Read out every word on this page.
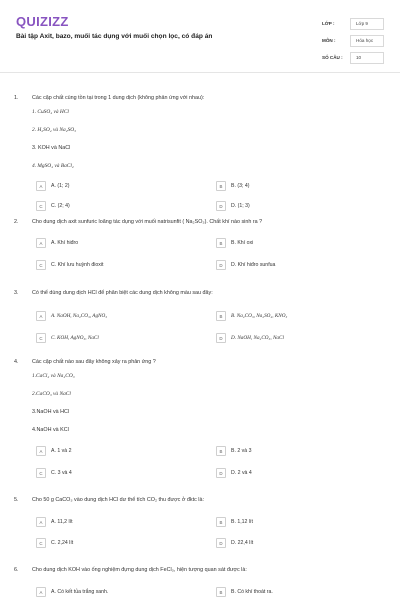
QUIZIZZ
Bài tập Axit, bazo, muối tác dụng với muối chọn lọc, có đáp án
LỚP :	Lớp 9
MÔN :	Hóa học
SỐ CÂU :	10
1.	Các cặp chất cùng tồn tại trong 1 dung dịch (không phản ứng với nhau):
1. CuSO₄ và HCl
2. H₂SO₄ và Na₂SO₃
3. KOH và NaCl
4. MgSO₄ và BaCl₂
A	A. (1; 2)	B	B. (3; 4)
C	C. (2; 4)	D	D. (1; 3)
2.	Cho dung dịch axit sunfuric loãng tác dụng với muối natrisunfit ( Na₂SO₃). Chất khí nào sinh ra ?
A	A. Khí hiđro	B	B. Khí oxi
C	C. Khí lưu huỳnh đioxit	D	D. Khí hiđro sunfua
3.	Có thể dùng dung dịch HCl để phân biệt các dung dịch không màu sau đây:
A	A. NaOH, Na₂CO₃, AgNO₃	B	B. Na₂CO₃, Na₂SO₄, KNO₃
C	C. KOH, AgNO₃, NaCl	D	D. NaOH, Na₂CO₃, NaCl
4.	Các cặp chất nào sau đây không xảy ra phản ứng ?
1.CaCl₂ và Na₂CO₃
2.CaCO₃ và NaCl
3.NaOH và HCl
4.NaOH và KCl
A	A. 1 và 2	B	B. 2 và 3
C	C. 3 và 4	D	D. 2 và 4
5.	Cho 50 g CaCO₃ vào dung dịch HCl dư thể tích CO₂ thu được ở đktc là:
A	A. 11,2 lít	B	B. 1,12 lít
C	C. 2,24 lít	D	D. 22,4 lít
6.	Cho dung dịch KOH vào ống nghiệm đựng dung dịch FeCl₃, hiện tượng quan sát được là:
A	A. Có kết tủa trắng xanh.	B	B. Có khí thoát ra.
